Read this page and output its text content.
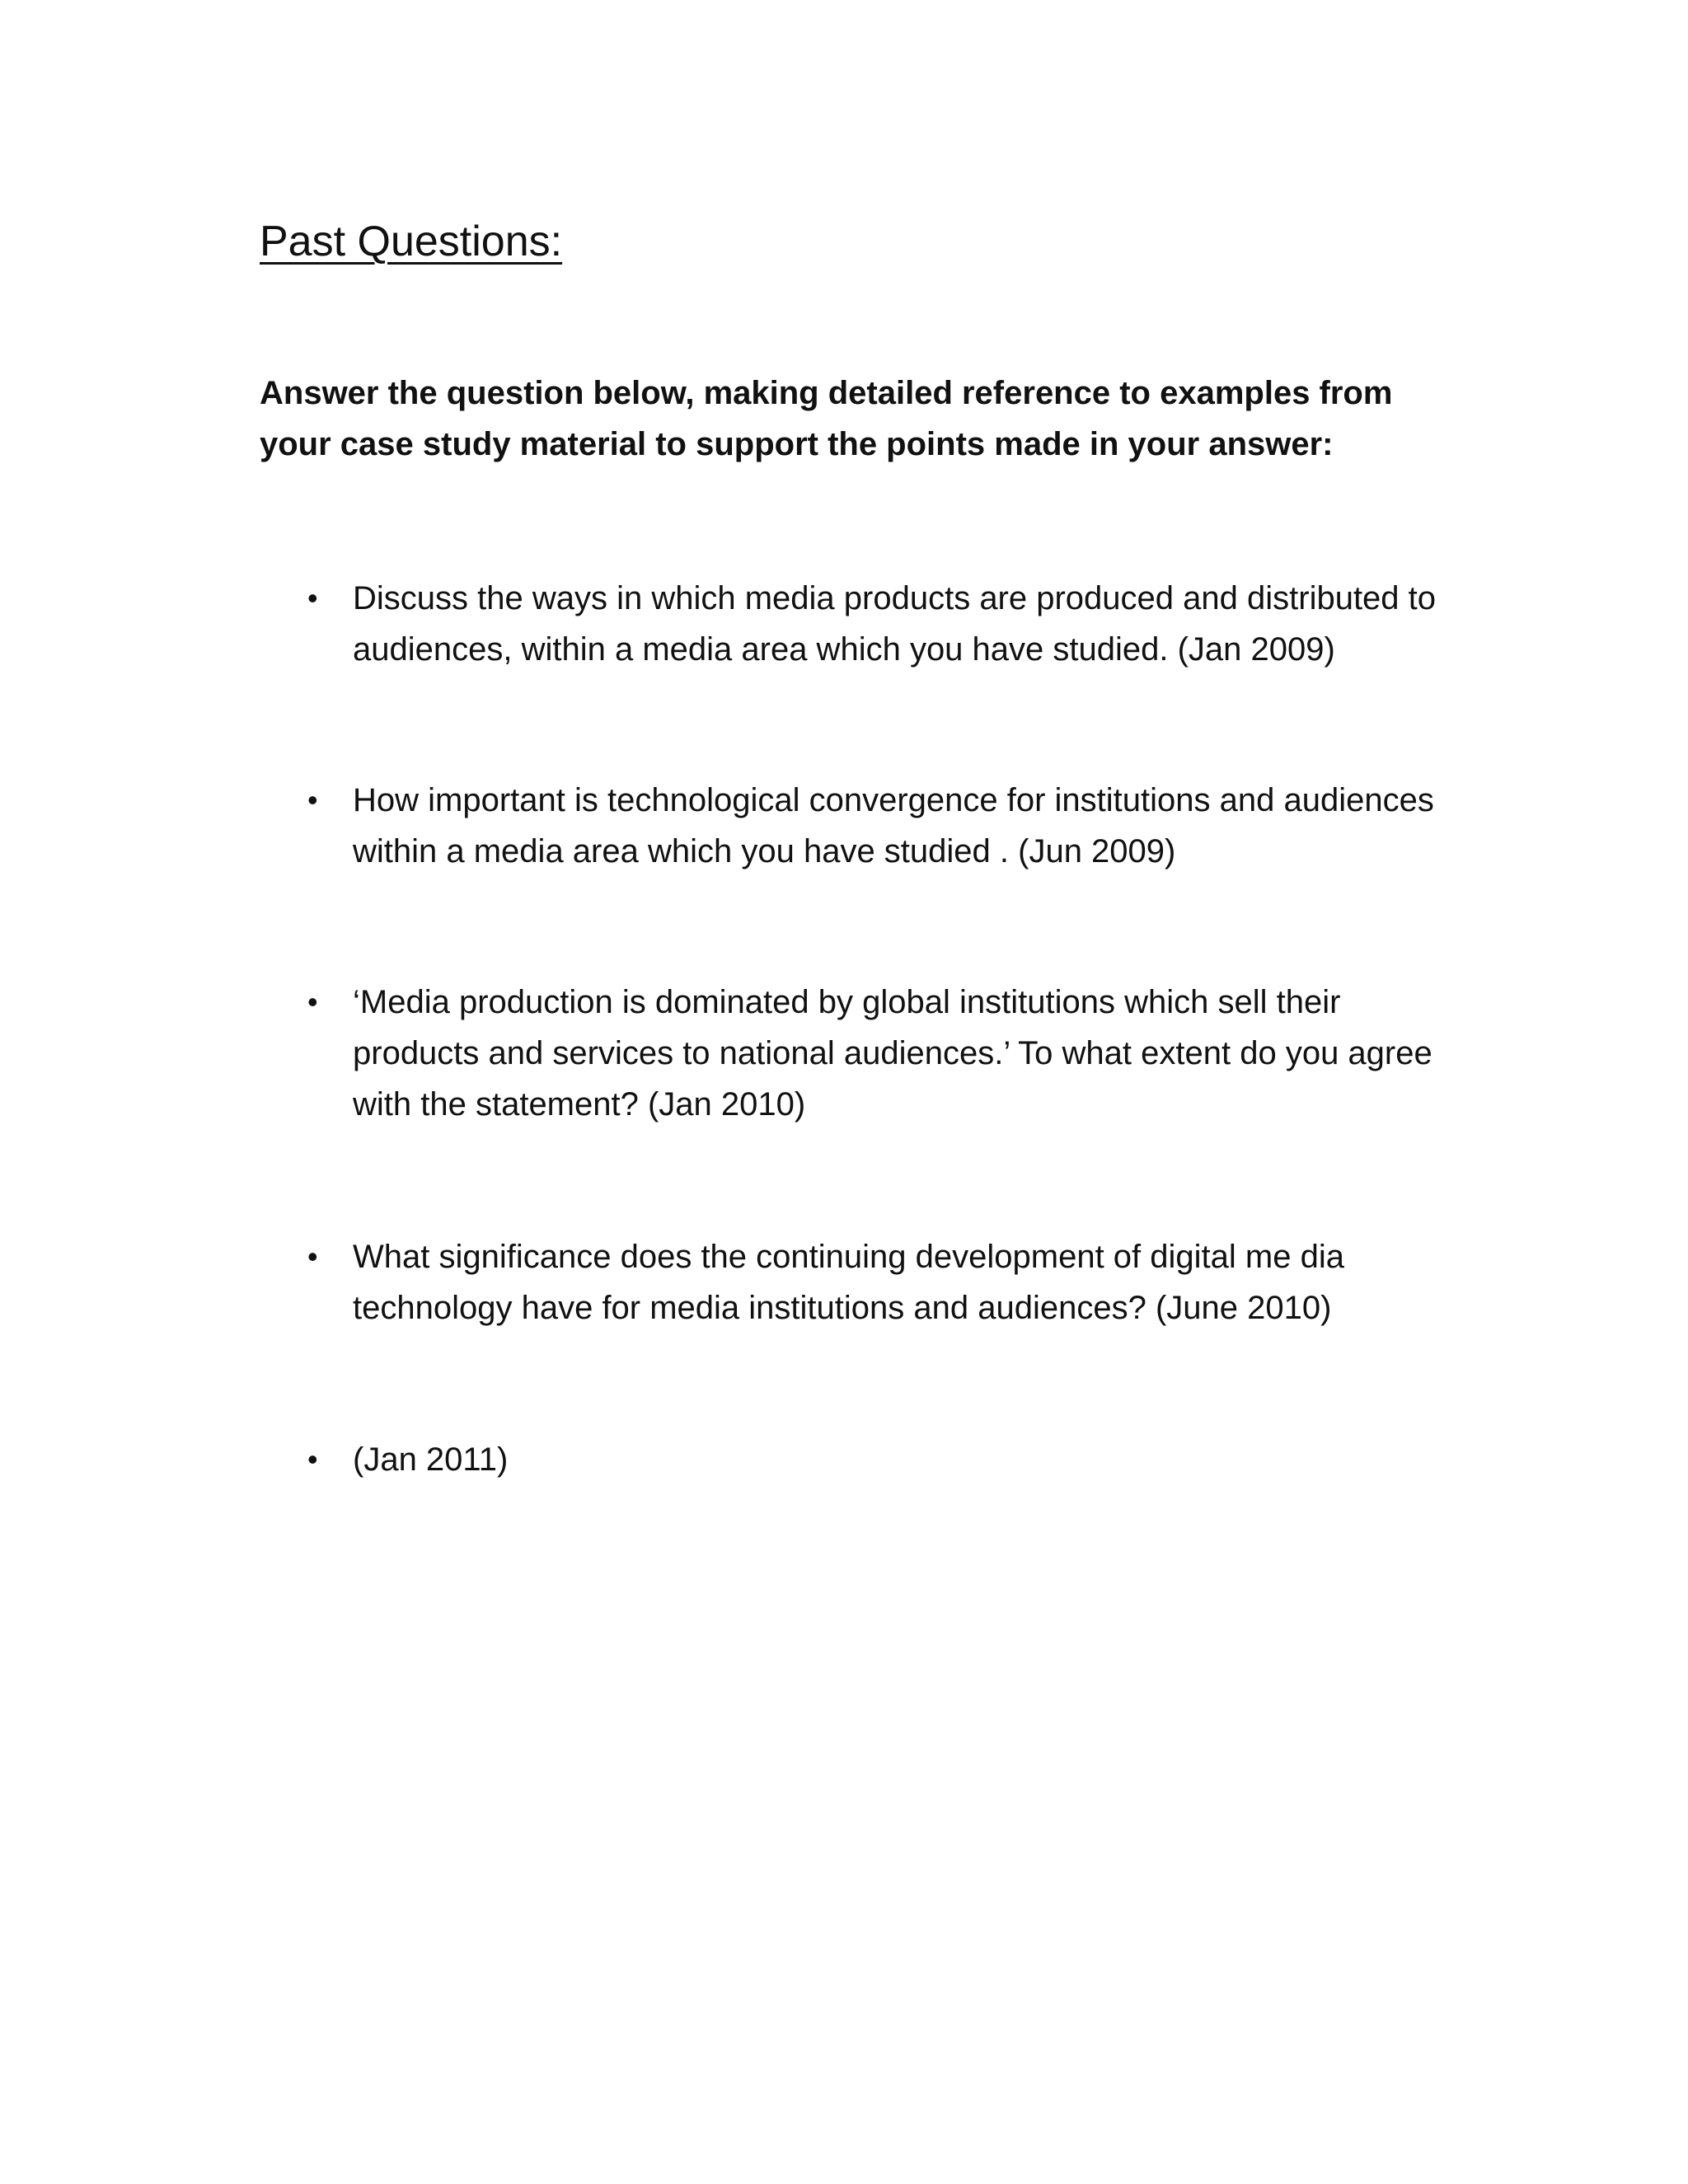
Past Questions:

Answer the question below, making detailed reference to examples from your case study material to support the points made in your answer:

• Discuss the ways in which media products are produced and distributed to audiences, within a media area which you have studied. (Jan 2009)
• How important is technological convergence for institutions and audiences within a media area which you have studied . (Jun 2009)
• ‘Media production is dominated by global institutions which sell their products and services to national audiences.’ To what extent do you agree with the statement? (Jan 2010)
• What significance does the continuing development of digital me dia technology have for media institutions and audiences? (June 2010)
• (Jan 2011)
